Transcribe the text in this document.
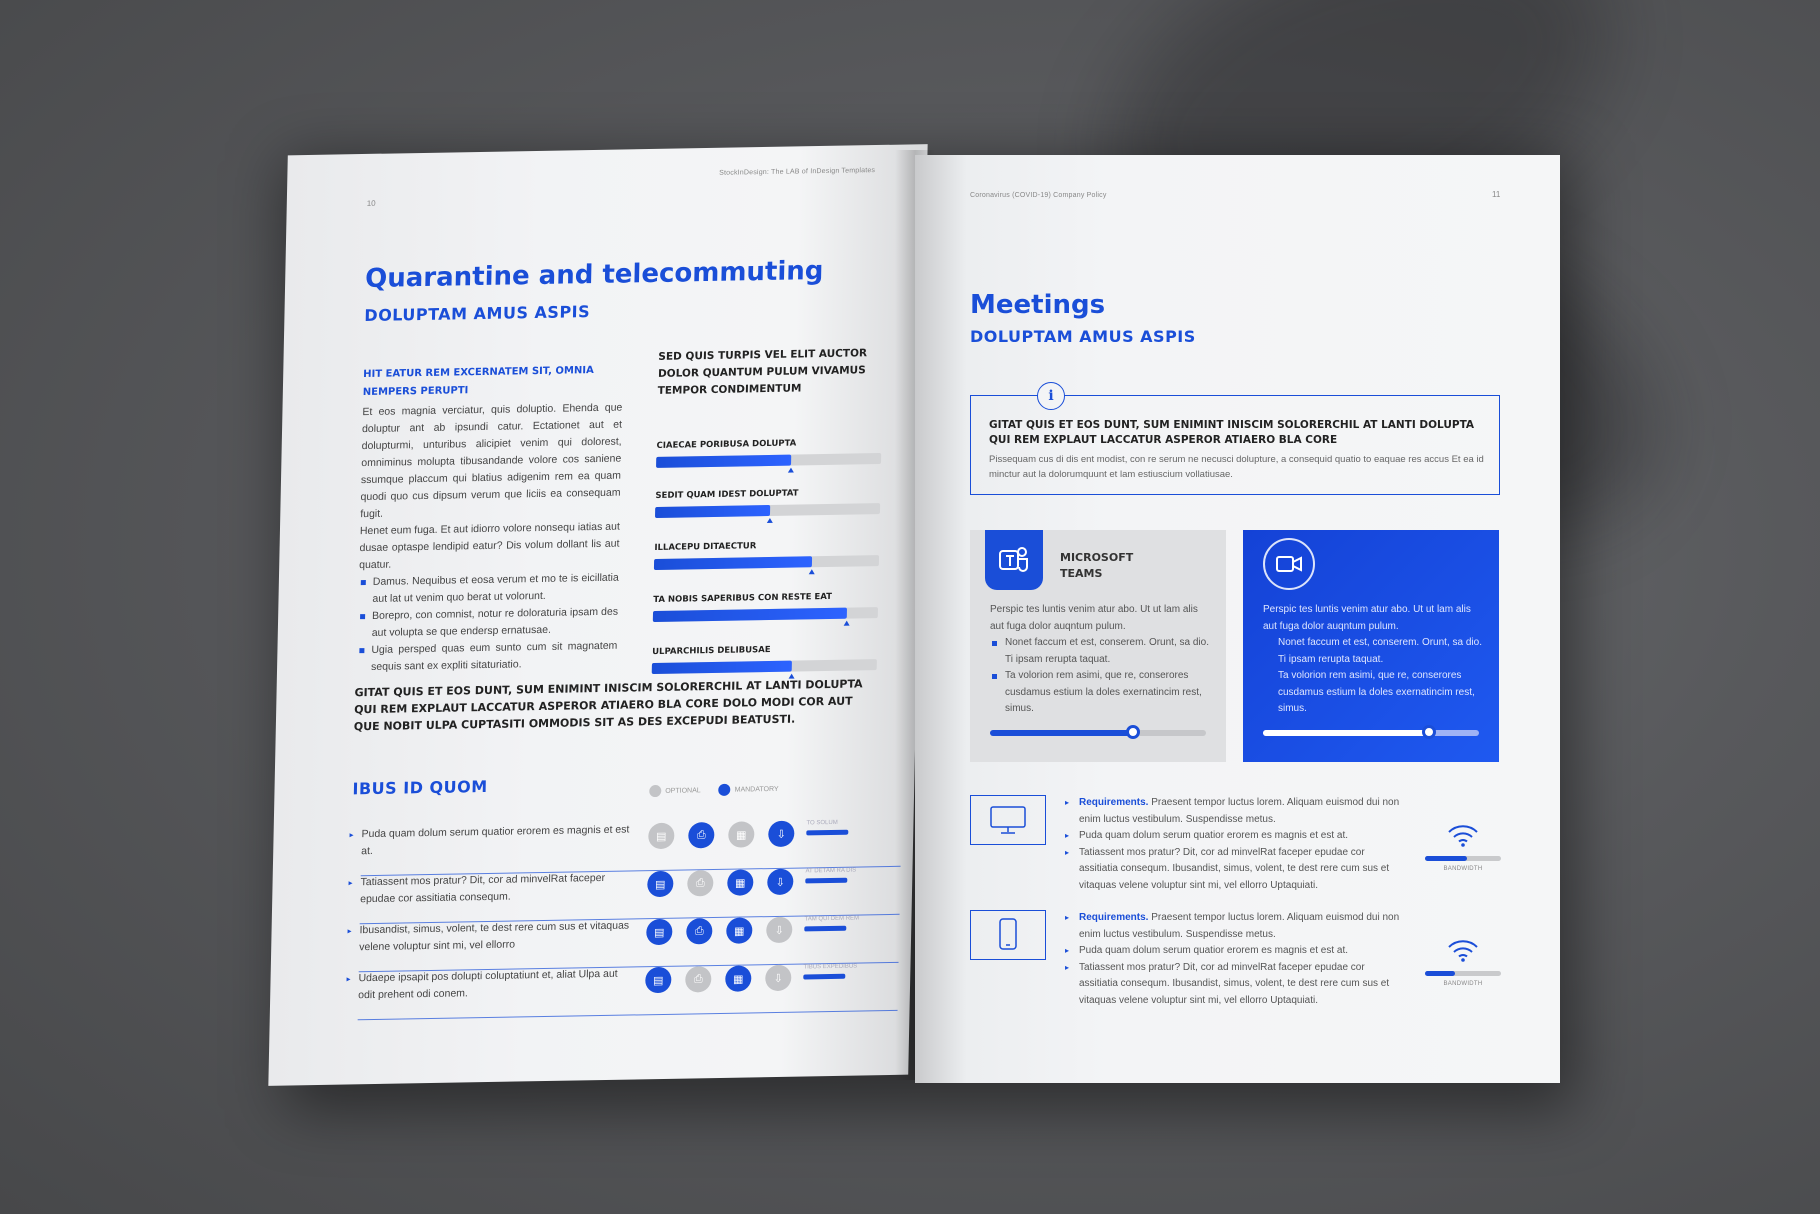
StockInDesign: The LAB of InDesign Templates
10
Quarantine and telecommuting
DOLUPTAM AMUS ASPIS
HIT EATUR REM EXCERNATEM SIT, OMNIA NEMPERS PERUPTI

Et eos magnia verciatur, quis doluptio. Ehenda que doluptur ant ab ipsundi catur. Ectationet aut et dolupturmi, unturibus alicipiet venim qui dolorest, omniminus molupta tibusandande volore cos saniene ssumque placcum qui blatius adigenim rem ea quam quodi quo cus dipsum verum que liciis ea consequam fugit.

Henet eum fuga. Et aut idiorro volore nonsequ iatias aut dusae optaspe lendipid eatur? Dis volum dollant lis aut quatur.

Damus. Nequibus et eosa verum et mo te is eicillatia aut lat ut venim quo berat ut volorunt.
Borepro, con comnist, notur re doloraturia ipsam des aut volupta se que endersp ernatusae.
Ugia persped quas eum sunto cum sit magnatem sequis sant ex expliti sitaturiatio.
SED QUIS TURPIS VEL ELIT AUCTOR DOLOR QUANTUM PULUM VIVAMUS TEMPOR CONDIMENTUM
GITAT QUIS ET EOS DUNT, SUM ENIMINT INISCIM SOLORERCHIL AT LANTI DOLUPTA QUI REM EXPLAUT LACCATUR ASPEROR ATIAERO BLA CORE DOLO MODI COR AUT QUE NOBIT ULPA CUPTASITI OMMODIS SIT AS DES EXCEPUDI BEATUSTI.
IBUS ID QUOM	OPTIONAL	MANDATORY
CIAECAE PORIBUSA DOLUPTA
SEDIT QUAM IDEST DOLUPTAT
ILLACEPU DITAECTUR
TA NOBIS SAPERIBUS CON RESTE EAT
ULPARCHILIS DELIBUSAE
▸ Puda quam dolum serum quatior erorem es magnis et est at.
▤	⎙	▦	⇩
TO SOLUM
▸ Tatiassent mos pratur? Dit, cor ad minvelRat faceper epudae cor assitiatia consequm.
▤	⎙	▦	⇩
AT DETAM RA DIS
▸ Ibusandist, simus, volent, te dest rere cum sus et vitaquas velene voluptur sint mi, vel ellorro
▤	⎙	▦	⇩
TAM QUI DEM REM
▸ Udaepe ipsapit pos dolupti coluptatiunt et, aliat Ulpa aut odit prehent odi conem.
▤	⎙	▦	⇩
TIBUS EXPEDIBUS
Coronavirus (COVID-19) Company Policy	11
Meetings
DOLUPTAM AMUS ASPIS
i
GITAT QUIS ET EOS DUNT, SUM ENIMINT INISCIM SOLORERCHIL AT LANTI DOLUPTA QUI REM EXPLAUT LACCATUR ASPEROR ATIAERO BLA CORE
Pissequam cus di dis ent modist, con re serum ne necusci dolupture, a consequid quatio to eaquae res accus Et ea id minctur aut la dolorumquunt et lam estiuscium vollatiusae.
MICROSOFT
TEAMS

Perspic tes luntis venim atur abo. Ut ut lam alis aut fuga dolor auqntum pulum.

Nonet faccum et est, conserem. Orunt, sa dio. Ti ipsam rerupta taquat.
Ta volorion rem asimi, que re, conserores cusdamus estium la doles exernatincim rest, simus.

Perspic tes luntis venim atur abo. Ut ut lam alis aut fuga dolor auqntum pulum.

Nonet faccum et est, conserem. Orunt, sa dio. Ti ipsam rerupta taquat.
Ta volorion rem asimi, que re, conserores cusdamus estium la doles exernatincim rest, simus.
▸ Requirements. Praesent tempor luctus lorem. Aliquam euismod dui non enim luctus vestibulum. Suspendisse metus.
▸ Puda quam dolum serum quatior erorem es magnis et est at.
▸ Tatiassent mos pratur? Dit, cor ad minvelRat faceper epudae cor assitiatia consequm. Ibusandist, simus, volent, te dest rere cum sus et vitaquas velene voluptur sint mi, vel ellorro Uptaquiati.
BANDWIDTH
▸ Requirements. Praesent tempor luctus lorem. Aliquam euismod dui non enim luctus vestibulum. Suspendisse metus.
▸ Puda quam dolum serum quatior erorem es magnis et est at.
▸ Tatiassent mos pratur? Dit, cor ad minvelRat faceper epudae cor assitiatia consequm. Ibusandist, simus, volent, te dest rere cum sus et vitaquas velene voluptur sint mi, vel ellorro Uptaquiati.
BANDWIDTH
